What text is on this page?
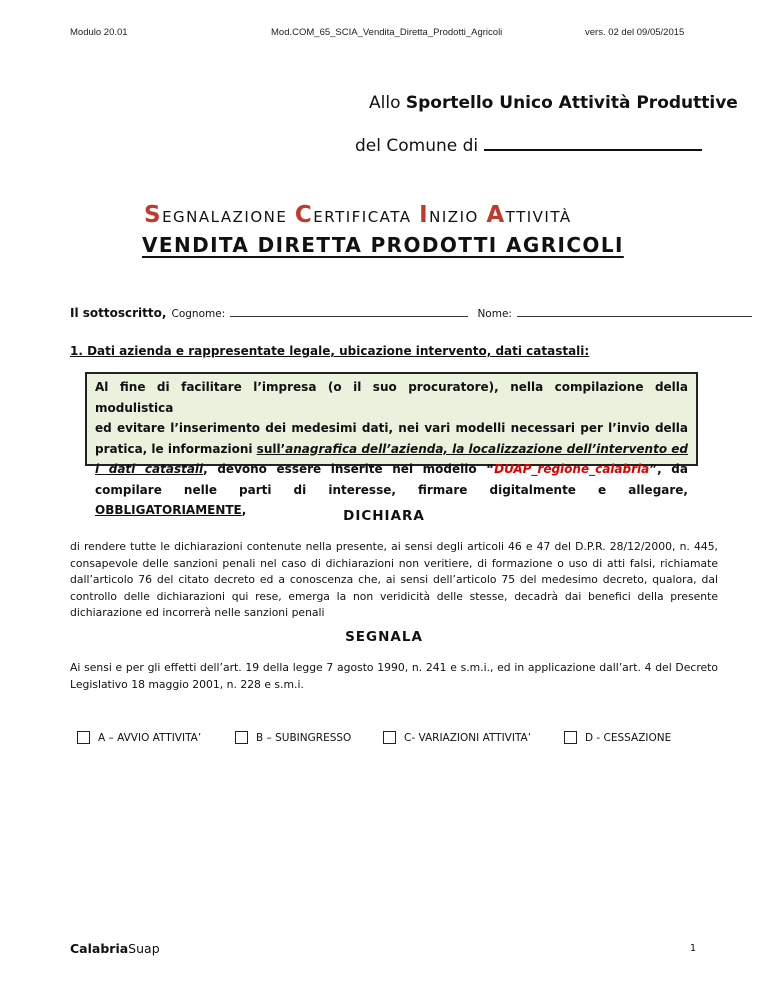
Modulo 20.01	Mod.COM_65_SCIA_Vendita_Diretta_Prodotti_Agricoli	vers. 02 del 09/05/2015
Allo Sportello Unico Attività Produttive
del Comune di
SEGNALAZIONE CERTIFICATA INIZIO ATTIVITÀ
VENDITA DIRETTA PRODOTTI AGRICOLI
Il sottoscritto, Cognome:	Nome:
1. Dati azienda e rappresentate legale, ubicazione intervento, dati catastali:
Al fine di facilitare l’impresa (o il suo procuratore), nella compilazione della modulistica
ed evitare l’inserimento dei medesimi dati, nei vari modelli necessari per l’invio della
pratica, le informazioni sull’anagrafica dell’azienda, la localizzazione dell’intervento ed
i dati catastali, devono essere inserite nel modello “DUAP_regione_calabria”, da
compilare nelle parti di interesse, firmare digitalmente e allegare, OBBLIGATORIAMENTE,	DICHIARA
di rendere tutte le dichiarazioni contenute nella presente, ai sensi degli articoli 46 e 47 del D.P.R. 28/12/2000, n. 445, consapevole delle sanzioni penali nel caso di dichiarazioni non veritiere, di formazione o uso di atti falsi, richiamate dall’articolo 76 del citato decreto ed a conoscenza che, ai sensi dell’articolo 75 del medesimo decreto, qualora, dal controllo delle dichiarazioni qui rese, emerga la non veridicità delle stesse, decadrà dai benefici della presente dichiarazione ed incorrerà nelle sanzioni penali
SEGNALA
Ai sensi e per gli effetti dell’art. 19 della legge 7 agosto 1990, n. 241 e s.m.i., ed in applicazione dall’art. 4 del Decreto Legislativo 18 maggio 2001, n. 228 e s.m.i.
A – AVVIO ATTIVITA’	B – SUBINGRESSO	C- VARIAZIONI ATTIVITA’	D - CESSAZIONE
CalabriaSuap	1
